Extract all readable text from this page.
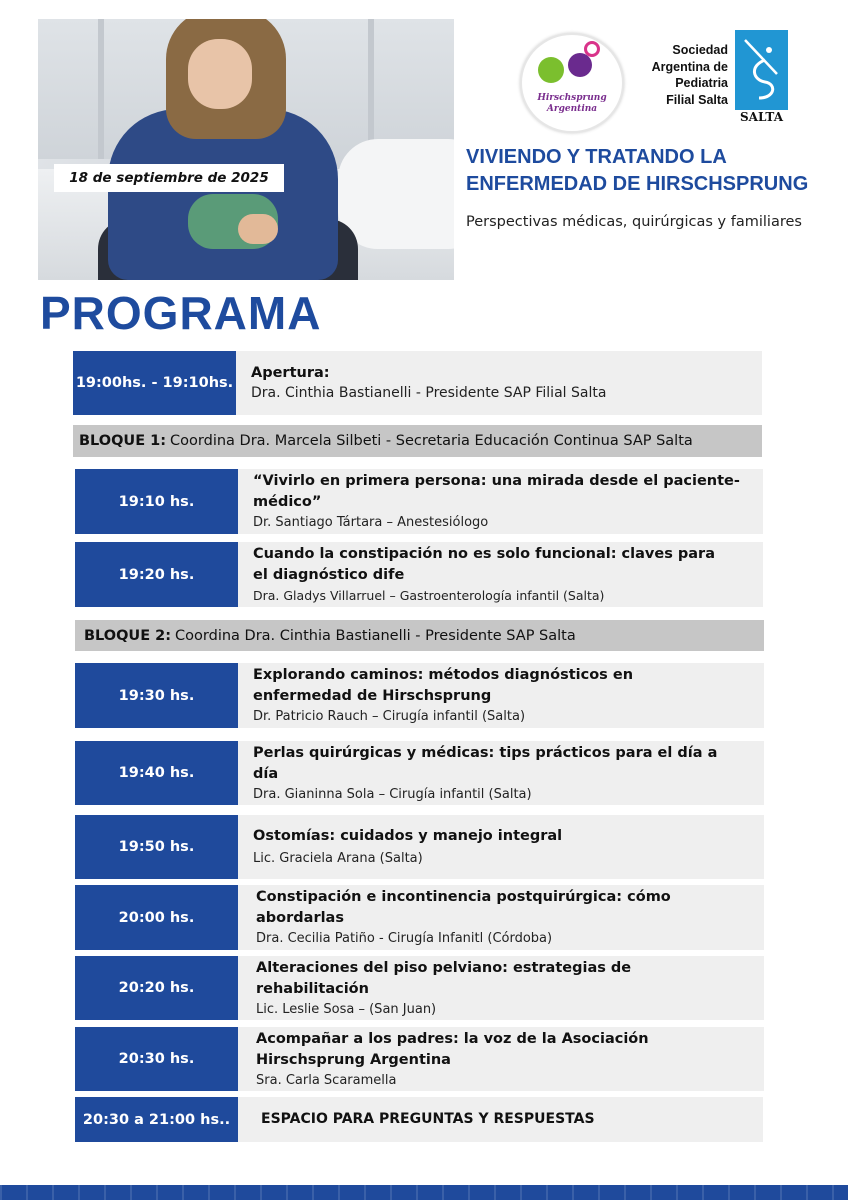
18 de septiembre de 2025
Hirschsprung Argentina
Sociedad
Argentina de
Pediatria
Filial Salta
SALTA
VIVIENDO Y TRATANDO LA
ENFERMEDAD DE HIRSCHSPRUNG
Perspectivas médicas, quirúrgicas y familiares
PROGRAMA
19:00hs. - 19:10hs.
Apertura:
Dra. Cinthia Bastianelli - Presidente SAP Filial Salta
BLOQUE 1: Coordina Dra. Marcela Silbeti - Secretaria Educación Continua SAP Salta
19:10 hs.
“Vivirlo en primera persona: una mirada desde el paciente-médico”
Dr. Santiago Tártara – Anestesiólogo
19:20 hs.
Cuando la constipación no es solo funcional: claves para el diagnóstico dife
Dra. Gladys Villarruel – Gastroenterología infantil (Salta)
BLOQUE 2: Coordina Dra. Cinthia Bastianelli - Presidente SAP Salta
19:30 hs.
Explorando caminos: métodos diagnósticos en enfermedad de Hirschsprung
Dr. Patricio Rauch – Cirugía infantil (Salta)
19:40 hs.
Perlas quirúrgicas y médicas: tips prácticos para el día a día
Dra. Gianinna Sola – Cirugía infantil (Salta)
19:50 hs.
Ostomías: cuidados y manejo integral
Lic. Graciela Arana (Salta)
20:00 hs.
Constipación e incontinencia postquirúrgica: cómo abordarlas
Dra. Cecilia Patiño - Cirugía Infanitl (Córdoba)
20:20 hs.
Alteraciones del piso pelviano: estrategias de rehabilitación
Lic. Leslie Sosa – (San Juan)
20:30 hs.
Acompañar a los padres: la voz de la Asociación Hirschsprung Argentina
Sra. Carla Scaramella
20:30 a 21:00 hs..	ESPACIO PARA PREGUNTAS Y RESPUESTAS
